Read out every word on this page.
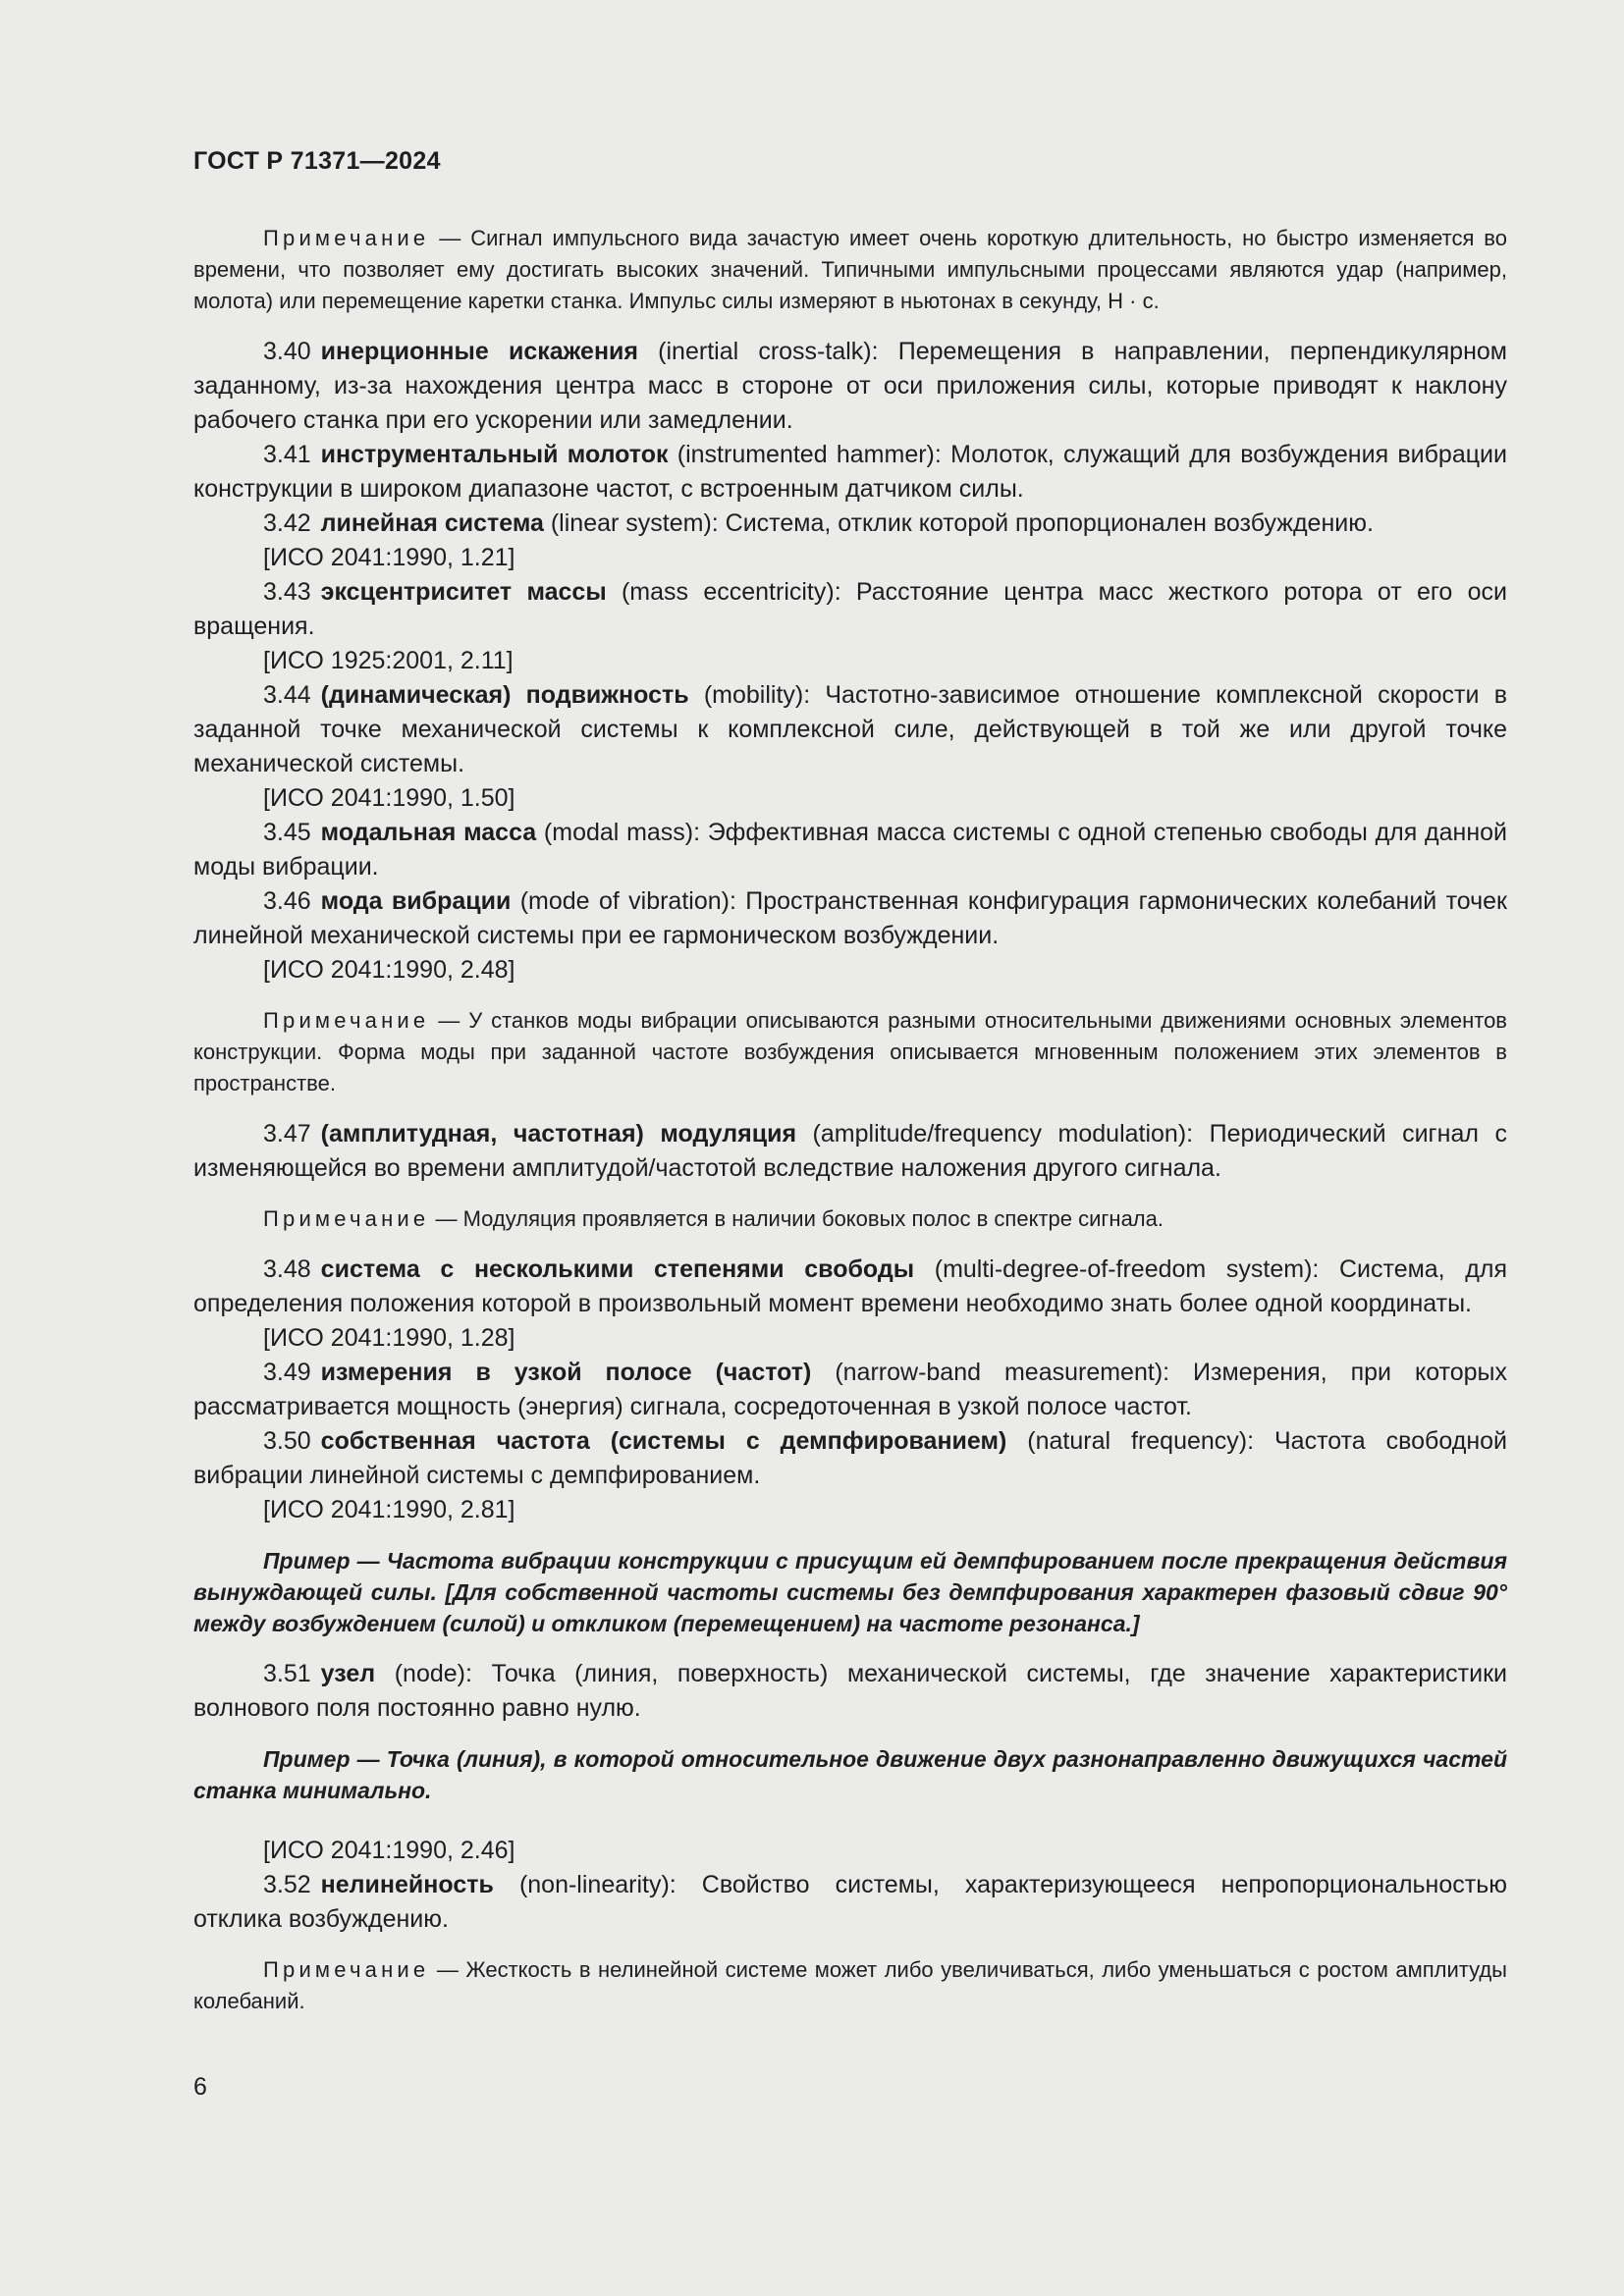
ГОСТ Р 71371—2024

Примечание — Сигнал импульсного вида зачастую имеет очень короткую длительность, но быстро изменяется во времени, что позволяет ему достигать высоких значений. Типичными импульсными процессами являются удар (например, молота) или перемещение каретки станка. Импульс силы измеряют в ньютонах в секунду, Н · с.

3.40 инерционные искажения (inertial cross-talk): Перемещения в направлении, перпендикулярном заданному, из-за нахождения центра масс в стороне от оси приложения силы, которые приводят к наклону рабочего станка при его ускорении или замедлении.

3.41 инструментальный молоток (instrumented hammer): Молоток, служащий для возбуждения вибрации конструкции в широком диапазоне частот, с встроенным датчиком силы.

3.42 линейная система (linear system): Система, отклик которой пропорционален возбуждению.

[ИСО 2041:1990, 1.21]

3.43 эксцентриситет массы (mass eccentricity): Расстояние центра масс жесткого ротора от его оси вращения.

[ИСО 1925:2001, 2.11]

3.44 (динамическая) подвижность (mobility): Частотно-зависимое отношение комплексной скорости в заданной точке механической системы к комплексной силе, действующей в той же или другой точке механической системы.

[ИСО 2041:1990, 1.50]

3.45 модальная масса (modal mass): Эффективная масса системы с одной степенью свободы для данной моды вибрации.

3.46 мода вибрации (mode of vibration): Пространственная конфигурация гармонических колебаний точек линейной механической системы при ее гармоническом возбуждении.

[ИСО 2041:1990, 2.48]

Примечание — У станков моды вибрации описываются разными относительными движениями основных элементов конструкции. Форма моды при заданной частоте возбуждения описывается мгновенным положением этих элементов в пространстве.

3.47 (амплитудная, частотная) модуляция (amplitude/frequency modulation): Периодический сигнал с изменяющейся во времени амплитудой/частотой вследствие наложения другого сигнала.

Примечание — Модуляция проявляется в наличии боковых полос в спектре сигнала.

3.48 система с несколькими степенями свободы (multi-degree-of-freedom system): Система, для определения положения которой в произвольный момент времени необходимо знать более одной координаты.

[ИСО 2041:1990, 1.28]

3.49 измерения в узкой полосе (частот) (narrow-band measurement): Измерения, при которых рассматривается мощность (энергия) сигнала, сосредоточенная в узкой полосе частот.

3.50 собственная частота (системы с демпфированием) (natural frequency): Частота свободной вибрации линейной системы с демпфированием.

[ИСО 2041:1990, 2.81]

Пример — Частота вибрации конструкции с присущим ей демпфированием после прекращения действия вынуждающей силы. [Для собственной частоты системы без демпфирования характерен фазовый сдвиг 90° между возбуждением (силой) и откликом (перемещением) на частоте резонанса.]

3.51 узел (node): Точка (линия, поверхность) механической системы, где значение характеристики волнового поля постоянно равно нулю.

Пример — Точка (линия), в которой относительное движение двух разнонаправленно движущихся частей станка минимально.

[ИСО 2041:1990, 2.46]

3.52 нелинейность (non-linearity): Свойство системы, характеризующееся непропорциональностью отклика возбуждению.

Примечание — Жесткость в нелинейной системе может либо увеличиваться, либо уменьшаться с ростом амплитуды колебаний.

6
